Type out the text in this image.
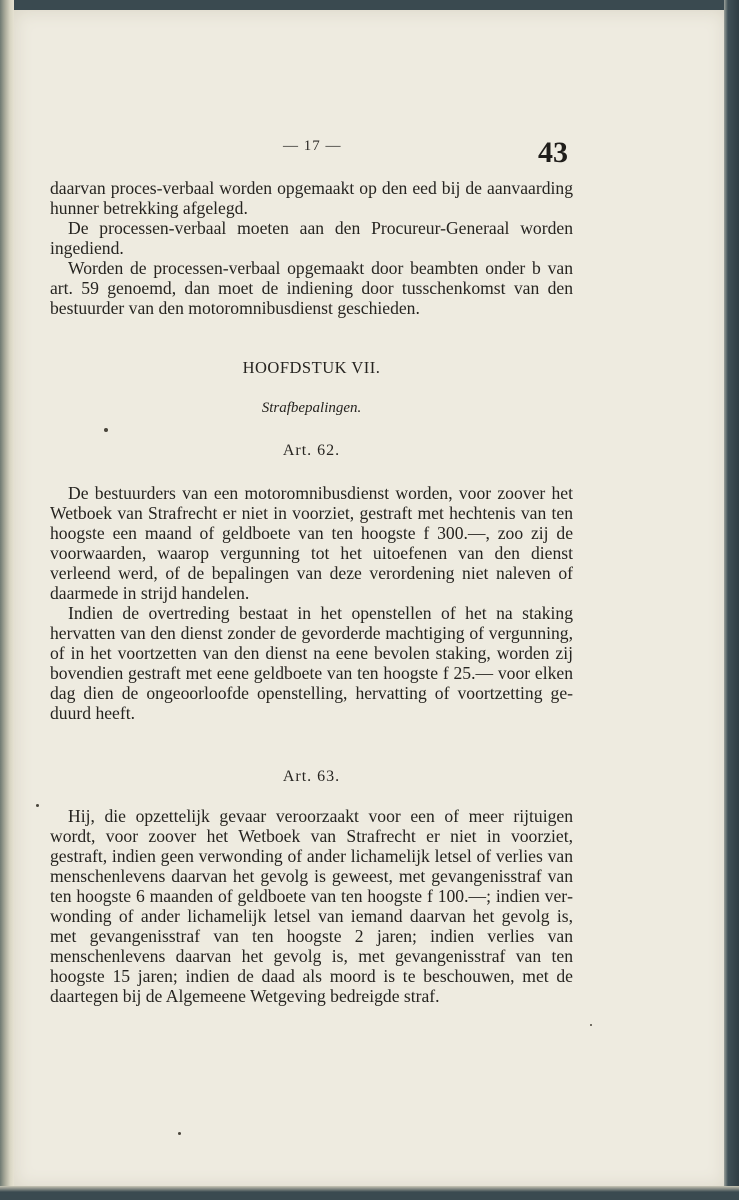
— 17 —	43

daarvan proces-verbaal worden opgemaakt op den eed bij de aanvaarding hunner betrekking afgelegd.

De processen-verbaal moeten aan den Procureur-Generaal worden ingediend.

Worden de processen-verbaal opgemaakt door beambten onder b van art. 59 genoemd, dan moet de indiening door tusschenkomst van den bestuurder van den motoromnibusdienst geschieden.

HOOFDSTUK VII.
Strafbepalingen.
Art. 62.

De bestuurders van een motoromnibusdienst worden, voor zoover het Wetboek van Strafrecht er niet in voorziet, gestraft met hechtenis van ten hoogste een maand of geldboete van ten hoogste f 300.—, zoo zij de voorwaarden, waarop vergunning tot het uitoefenen van den dienst verleend werd, of de bepalingen van deze verordening niet naleven of daarmede in strijd handelen.

Indien de overtreding bestaat in het openstellen of het na staking hervatten van den dienst zonder de gevorderde machtiging of vergunning, of in het voortzetten van den dienst na eene bevolen staking, worden zij bovendien gestraft met eene geldboete van ten hoogste f 25.— voor elken dag dien de ongeoorloofde openstelling, hervatting of voortzetting geduurd heeft.

Art. 63.

Hij, die opzettelijk gevaar veroorzaakt voor een of meer rijtuigen wordt, voor zoover het Wetboek van Strafrecht er niet in voorziet, gestraft, indien geen verwonding of ander lichamelijk letsel of verlies van menschenlevens daarvan het gevolg is geweest, met gevangenisstraf van ten hoogste 6 maanden of geldboete van ten hoogste f 100.—; indien verwonding of ander lichamelijk letsel van iemand daarvan het gevolg is, met gevangenisstraf van ten hoogste 2 jaren; indien verlies van menschenlevens daarvan het gevolg is, met gevangenisstraf van ten hoogste 15 jaren; indien de daad als moord is te beschouwen, met de daartegen bij de Algemeene Wetgeving bedreigde straf.
